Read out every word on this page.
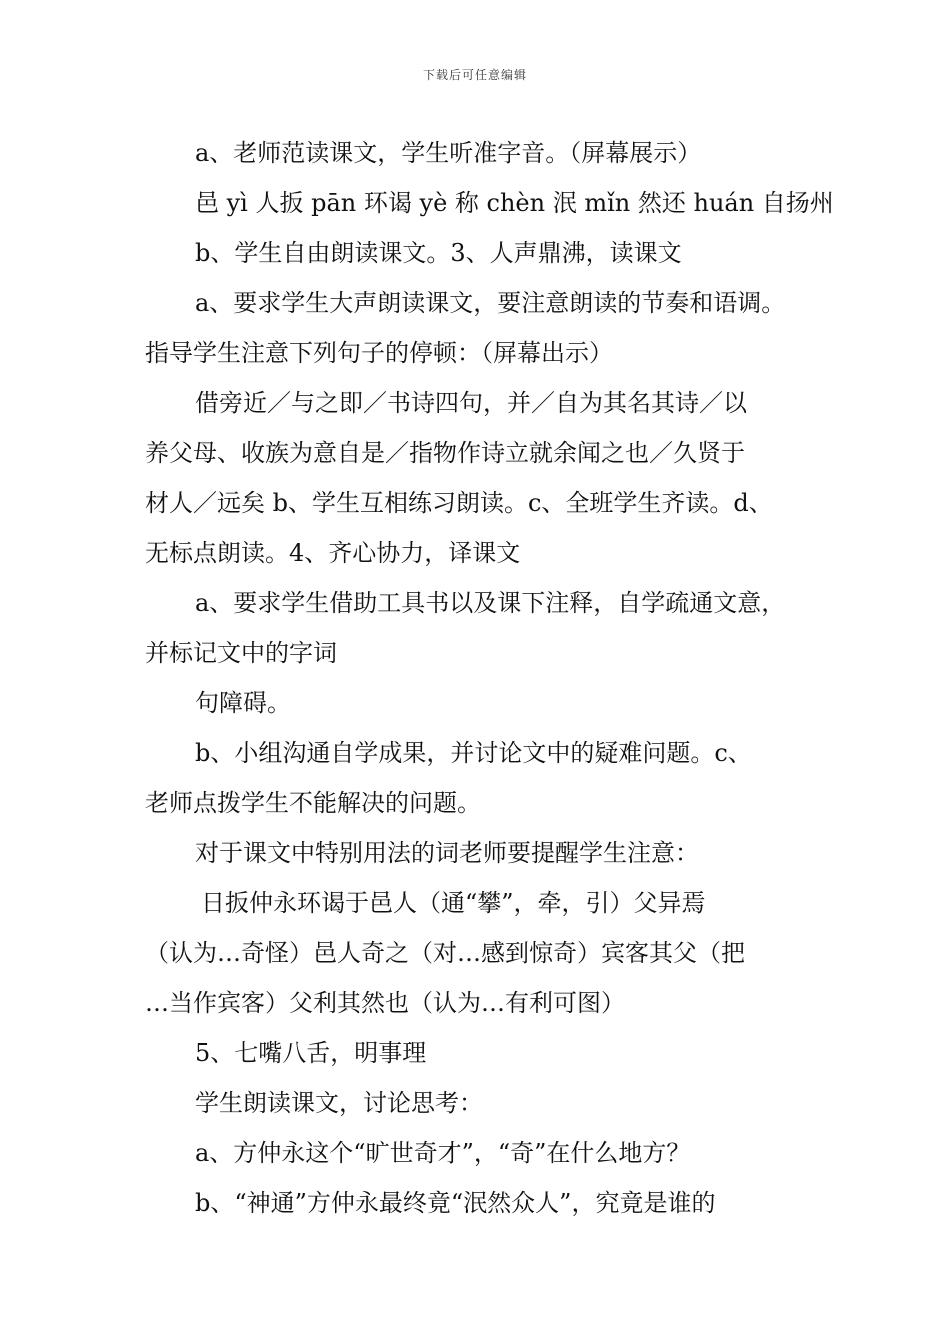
下载后可任意编辑
a、老师范读课文，学生听准字音。（屏幕展示）
邑 yì 人扳 pān 环谒 yè 称 chèn 泯 mǐn 然还 huán 自扬州
b、学生自由朗读课文。3、人声鼎沸，读课文
a、要求学生大声朗读课文，要注意朗读的节奏和语调。
指导学生注意下列句子的停顿：（屏幕出示）
借旁近／与之即／书诗四句，并／自为其名其诗／以
养父母、收族为意自是／指物作诗立就余闻之也／久贤于
材人／远矣 b、学生互相练习朗读。c、全班学生齐读。d、
无标点朗读。4、齐心协力，译课文
a、要求学生借助工具书以及课下注释，自学疏通文意，
并标记文中的字词
句障碍。
b、小组沟通自学成果，并讨论文中的疑难问题。c、
老师点拨学生不能解决的问题。
对于课文中特别用法的词老师要提醒学生注意：
日扳仲永环谒于邑人（通“攀”，牵，引）父异焉
（认为…奇怪）邑人奇之（对…感到惊奇）宾客其父（把
…当作宾客）父利其然也（认为…有利可图）
5、七嘴八舌，明事理
学生朗读课文，讨论思考：
a、方仲永这个“旷世奇才”，“奇”在什么地方？
b、“神通”方仲永最终竟“泯然众人”，究竟是谁的
